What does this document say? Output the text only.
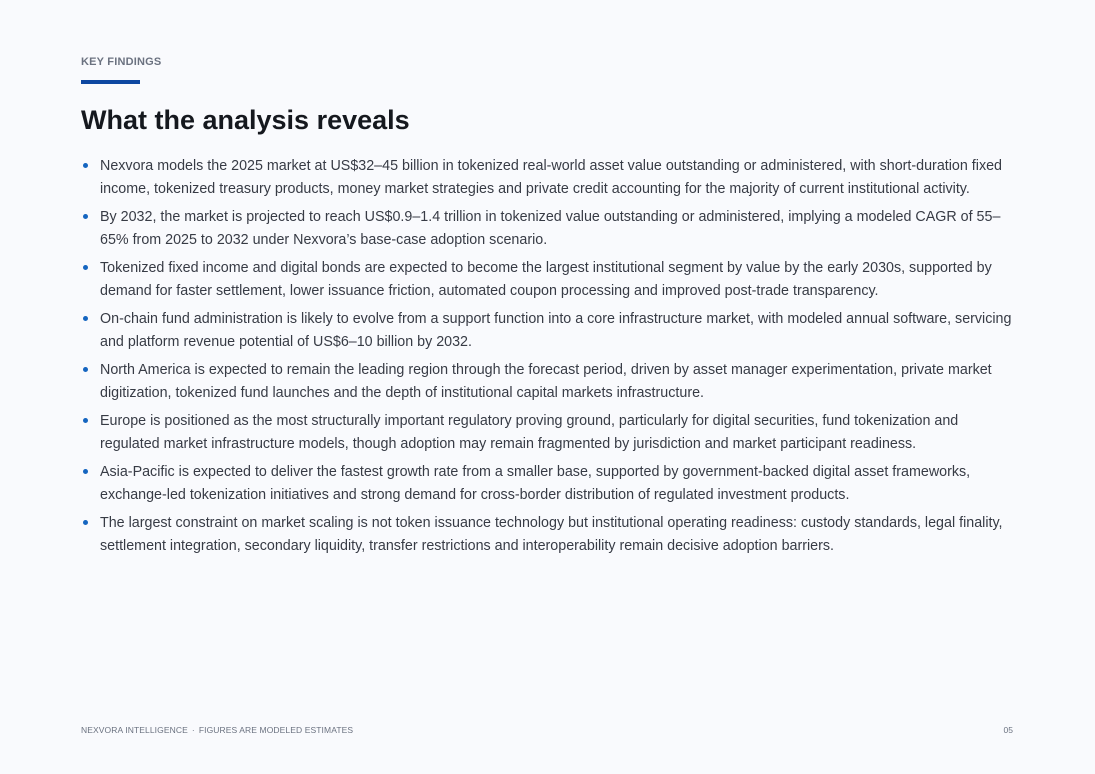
KEY FINDINGS
What the analysis reveals
Nexvora models the 2025 market at US$32–45 billion in tokenized real-world asset value outstanding or administered, with short-duration fixed income, tokenized treasury products, money market strategies and private credit accounting for the majority of current institutional activity.
By 2032, the market is projected to reach US$0.9–1.4 trillion in tokenized value outstanding or administered, implying a modeled CAGR of 55–65% from 2025 to 2032 under Nexvora’s base-case adoption scenario.
Tokenized fixed income and digital bonds are expected to become the largest institutional segment by value by the early 2030s, supported by demand for faster settlement, lower issuance friction, automated coupon processing and improved post-trade transparency.
On-chain fund administration is likely to evolve from a support function into a core infrastructure market, with modeled annual software, servicing and platform revenue potential of US$6–10 billion by 2032.
North America is expected to remain the leading region through the forecast period, driven by asset manager experimentation, private market digitization, tokenized fund launches and the depth of institutional capital markets infrastructure.
Europe is positioned as the most structurally important regulatory proving ground, particularly for digital securities, fund tokenization and regulated market infrastructure models, though adoption may remain fragmented by jurisdiction and market participant readiness.
Asia-Pacific is expected to deliver the fastest growth rate from a smaller base, supported by government-backed digital asset frameworks, exchange-led tokenization initiatives and strong demand for cross-border distribution of regulated investment products.
The largest constraint on market scaling is not token issuance technology but institutional operating readiness: custody standards, legal finality, settlement integration, secondary liquidity, transfer restrictions and interoperability remain decisive adoption barriers.
NEXVORA INTELLIGENCE · FIGURES ARE MODELED ESTIMATES	05
